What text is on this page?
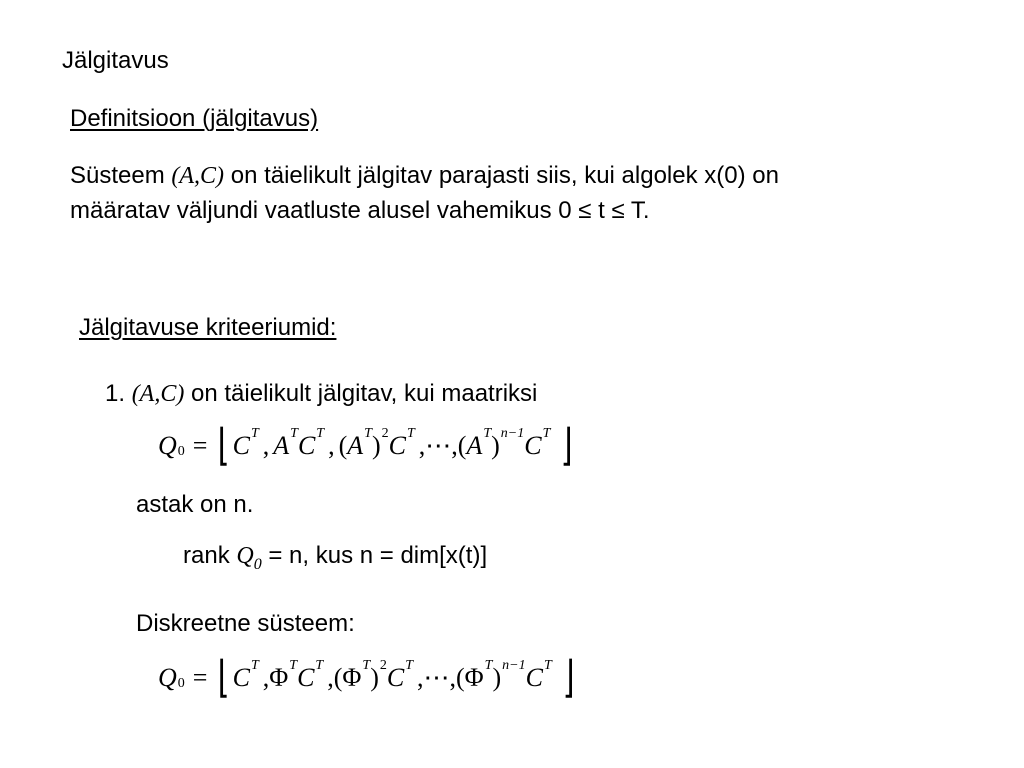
Jälgitavus
Definitsioon (jälgitavus)
Süsteem (A,C) on täielikult jälgitav parajasti siis, kui algolek x(0) on
määratav väljundi vaatluste alusel vahemikus 0 ≤ t ≤ T.
Jälgitavuse kriteeriumid:
1. (A,C) on täielikult jälgitav, kui maatriksi
$Q_0$ = ⌊ $C^T$ , $A^T$ $C^T$ ,
( $A^T$ )$^2$ $C^T$ ,⋯,( $A^T$ )$^{n-1}$ $C^T$ ⌋
astak on n.
rank $Q_0 = n$, kus n = dim[x(t)]
Diskreetne süsteem:
$Q_0$ = ⌊ $C^T$ $,\Phi^T$ $C^T$ $,(\Phi^T$ )$^2$ $C^T$ $,\cdots,(\Phi^T$ )$^{n-1}$ $C^T$ ⌋
